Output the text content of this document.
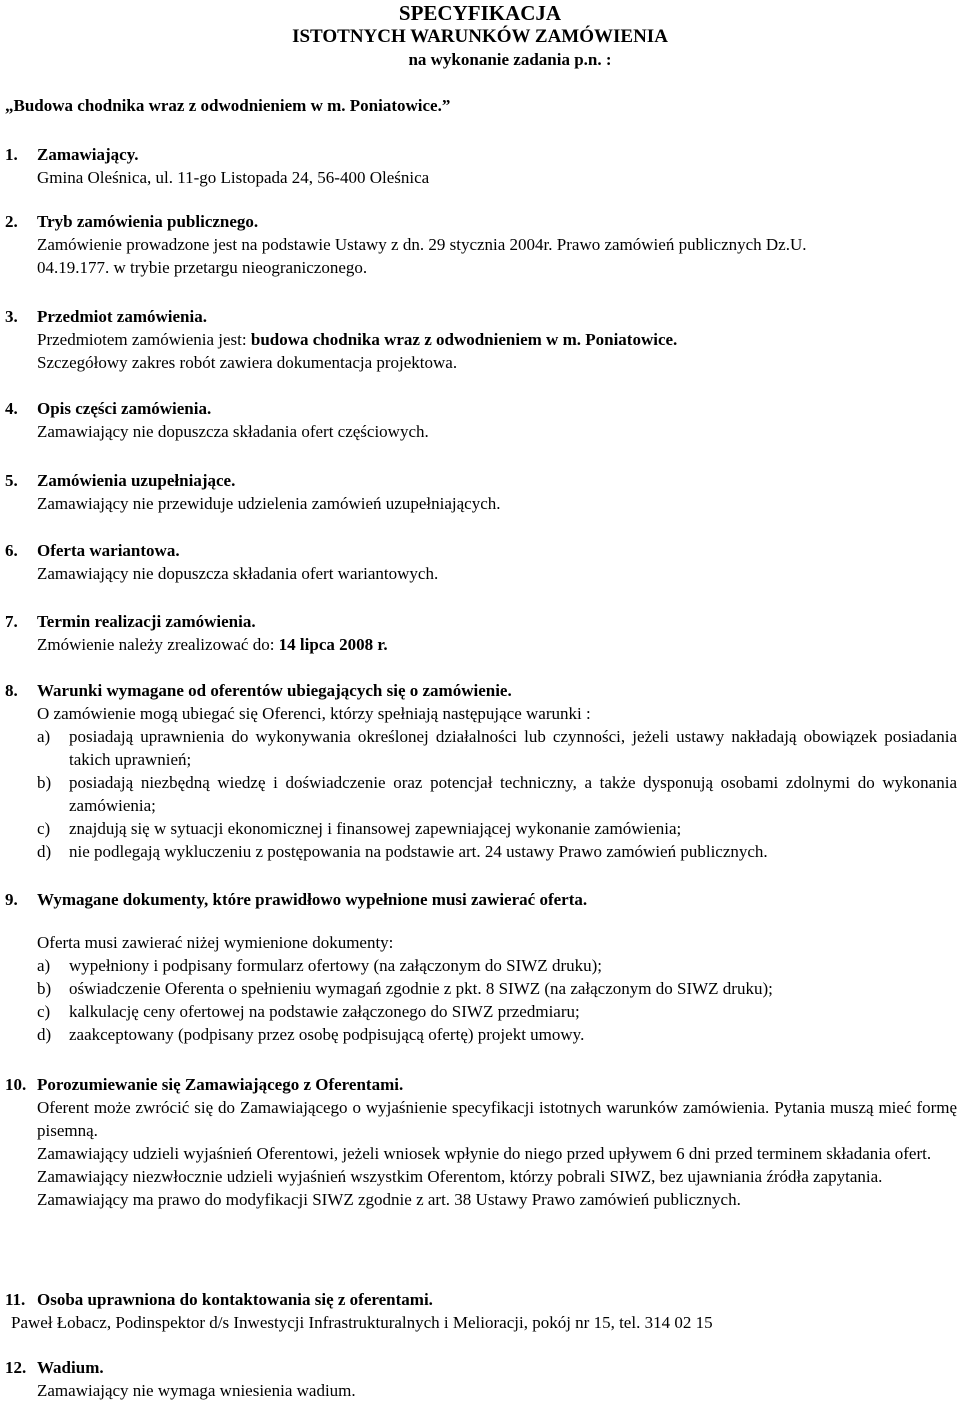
SPECYFIKACJA
ISTOTNYCH WARUNKÓW ZAMÓWIENIA
na wykonanie zadania p.n. :
„Budowa chodnika wraz z odwodnieniem w m. Poniatowice.”
1.	Zamawiający.
Gmina Oleśnica, ul. 11-go Listopada 24, 56-400 Oleśnica
2.	Tryb zamówienia publicznego.
Zamówienie prowadzone jest na podstawie Ustawy z dn. 29 stycznia 2004r. Prawo zamówień publicznych Dz.U.
04.19.177. w trybie przetargu nieograniczonego.
3.	Przedmiot zamówienia.
Przedmiotem zamówienia jest: budowa chodnika wraz z odwodnieniem w m. Poniatowice.
Szczegółowy zakres robót zawiera dokumentacja projektowa.
4.	Opis części zamówienia.
Zamawiający nie dopuszcza składania ofert częściowych.
5.	Zamówienia uzupełniające.
Zamawiający nie przewiduje udzielenia zamówień uzupełniających.
6.	Oferta wariantowa.
Zamawiający nie dopuszcza składania ofert wariantowych.
7.	Termin realizacji zamówienia.
Zmówienie należy zrealizować do: 14 lipca 2008 r.
8.	Warunki wymagane od oferentów ubiegających się o zamówienie.
O zamówienie mogą ubiegać się Oferenci, którzy spełniają następujące warunki :
a)	posiadają uprawnienia do wykonywania określonej działalności lub czynności, jeżeli ustawy nakładają obowiązek posiadania takich uprawnień;
b)	posiadają niezbędną wiedzę i doświadczenie oraz potencjał techniczny, a także dysponują osobami zdolnymi do wykonania zamówienia;
c)	znajdują się w sytuacji ekonomicznej i finansowej zapewniającej wykonanie zamówienia;
d)	nie podlegają wykluczeniu z postępowania na podstawie art. 24 ustawy Prawo zamówień publicznych.
9.	Wymagane dokumenty, które prawidłowo wypełnione musi zawierać oferta.
Oferta musi zawierać niżej wymienione dokumenty:
a)	wypełniony i podpisany formularz ofertowy (na załączonym do SIWZ druku);
b)	oświadczenie Oferenta o spełnieniu wymagań zgodnie z pkt. 8 SIWZ (na załączonym do SIWZ druku);
c)	kalkulację ceny ofertowej na podstawie załączonego do SIWZ przedmiaru;
d)	zaakceptowany (podpisany przez osobę podpisującą ofertę) projekt umowy.
10. Porozumiewanie się Zamawiającego z Oferentami.
Oferent może zwrócić się do Zamawiającego o wyjaśnienie specyfikacji istotnych warunków zamówienia. Pytania muszą mieć formę pisemną.
Zamawiający udzieli wyjaśnień Oferentowi, jeżeli wniosek wpłynie do niego przed upływem 6 dni przed terminem składania ofert.
Zamawiający niezwłocznie udzieli wyjaśnień wszystkim Oferentom, którzy pobrali SIWZ, bez ujawniania źródła zapytania.
Zamawiający ma prawo do modyfikacji SIWZ zgodnie z art. 38 Ustawy Prawo zamówień publicznych.
11. Osoba uprawniona do kontaktowania się z oferentami.
Paweł Łobacz, Podinspektor d/s Inwestycji Infrastrukturalnych i Melioracji, pokój nr 15, tel. 314 02 15
12. Wadium.
Zamawiający nie wymaga wniesienia wadium.
